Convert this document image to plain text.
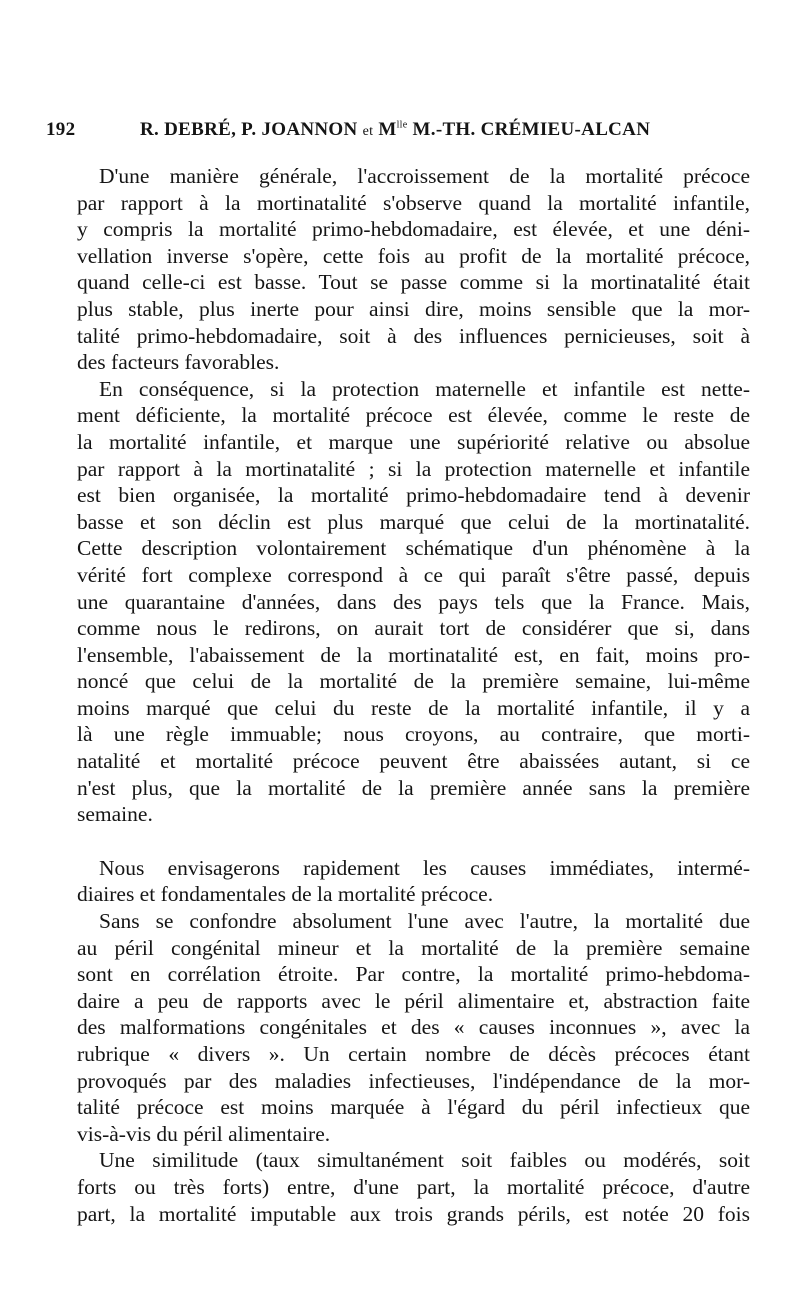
192	R. DEBRÉ, P. JOANNON et $M^{lle}$ M.-TH. CRÉMIEU-ALCAN
D'une manière générale, l'accroissement de la mortalité précoce
par rapport à la mortinatalité s'observe quand la mortalité infantile,
y compris la mortalité primo-hebdomadaire, est élevée, et une déni-
vellation inverse s'opère, cette fois au profit de la mortalité précoce,
quand celle-ci est basse. Tout se passe comme si la mortinatalité était
plus stable, plus inerte pour ainsi dire, moins sensible que la mor-
talité primo-hebdomadaire, soit à des influences pernicieuses, soit à
des facteurs favorables.
En conséquence, si la protection maternelle et infantile est nette-
ment déficiente, la mortalité précoce est élevée, comme le reste de
la mortalité infantile, et marque une supériorité relative ou absolue
par rapport à la mortinatalité ; si la protection maternelle et infantile
est bien organisée, la mortalité primo-hebdomadaire tend à devenir
basse et son déclin est plus marqué que celui de la mortinatalité.
Cette description volontairement schématique d'un phénomène à la
vérité fort complexe correspond à ce qui paraît s'être passé, depuis
une quarantaine d'années, dans des pays tels que la France. Mais,
comme nous le redirons, on aurait tort de considérer que si, dans
l'ensemble, l'abaissement de la mortinatalité est, en fait, moins pro-
noncé que celui de la mortalité de la première semaine, lui-même
moins marqué que celui du reste de la mortalité infantile, il y a
là une règle immuable; nous croyons, au contraire, que morti-
natalité et mortalité précoce peuvent être abaissées autant, si ce
n'est plus, que la mortalité de la première année sans la première
semaine.
Nous envisagerons rapidement les causes immédiates, intermé-
diaires et fondamentales de la mortalité précoce.
Sans se confondre absolument l'une avec l'autre, la mortalité due
au péril congénital mineur et la mortalité de la première semaine
sont en corrélation étroite. Par contre, la mortalité primo-hebdoma-
daire a peu de rapports avec le péril alimentaire et, abstraction faite
des malformations congénitales et des « causes inconnues », avec la
rubrique « divers ». Un certain nombre de décès précoces étant
provoqués par des maladies infectieuses, l'indépendance de la mor-
talité précoce est moins marquée à l'égard du péril infectieux que
vis-à-vis du péril alimentaire.
Une similitude (taux simultanément soit faibles ou modérés, soit
forts ou très forts) entre, d'une part, la mortalité précoce, d'autre
part, la mortalité imputable aux trois grands périls, est notée 20 fois
